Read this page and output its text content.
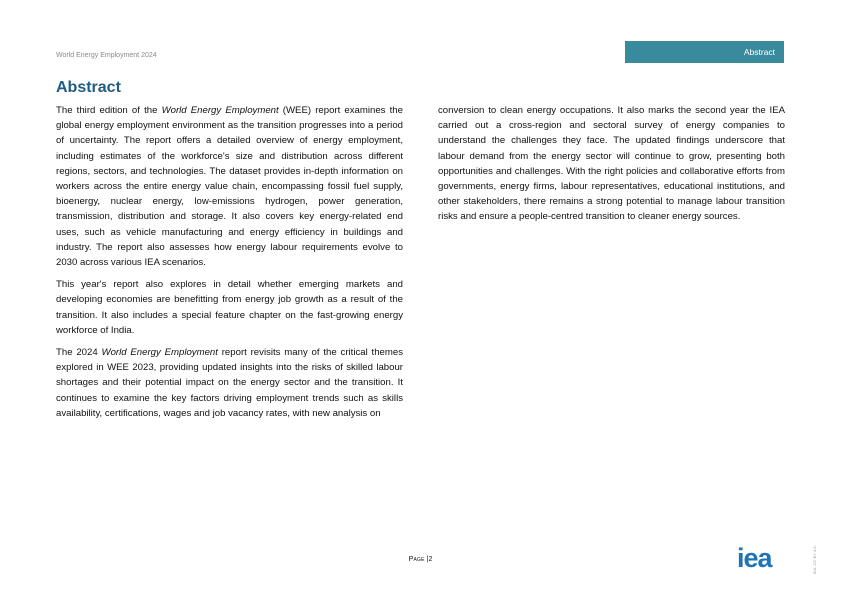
World Energy Employment 2024	Abstract
Abstract

The third edition of the World Energy Employment (WEE) report examines the global energy employment environment as the transition progresses into a period of uncertainty. The report offers a detailed overview of energy employment, including estimates of the workforce's size and distribution across different regions, sectors, and technologies. The dataset provides in-depth information on workers across the entire energy value chain, encompassing fossil fuel supply, bioenergy, nuclear energy, low-emissions hydrogen, power generation, transmission, distribution and storage. It also covers key energy-related end uses, such as vehicle manufacturing and energy efficiency in buildings and industry. The report also assesses how energy labour requirements evolve to 2030 across various IEA scenarios.

This year's report also explores in detail whether emerging markets and developing economies are benefitting from energy job growth as a result of the transition. It also includes a special feature chapter on the fast-growing energy workforce of India.

The 2024 World Energy Employment report revisits many of the critical themes explored in WEE 2023, providing updated insights into the risks of skilled labour shortages and their potential impact on the energy sector and the transition. It continues to examine the key factors driving employment trends such as skills availability, certifications, wages and job vacancy rates, with new analysis on

conversion to clean energy occupations. It also marks the second year the IEA carried out a cross-region and sectoral survey of energy companies to understand the challenges they face. The updated findings underscore that labour demand from the energy sector will continue to grow, presenting both opportunities and challenges. With the right policies and collaborative efforts from governments, energy firms, labour representatives, educational institutions, and other stakeholders, there remains a strong potential to manage labour transition risks and ensure a people-centred transition to cleaner energy sources.

Page |2	iea	IEA. CC BY 4.0.
